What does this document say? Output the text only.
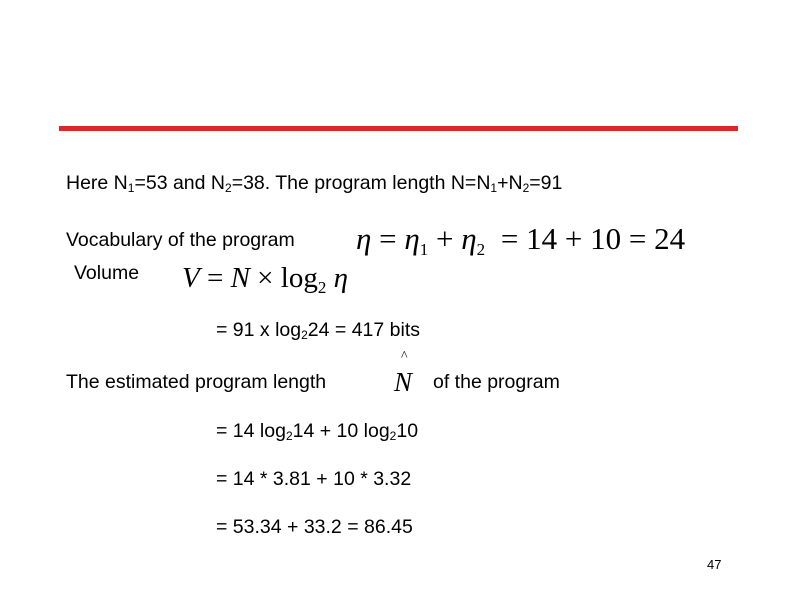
Here $N_1=53$ and $N_2=38$. The program length $N=N_1+N_2=91$
Vocabulary of the program η = η1 + η2 = 14 + 10 = 24
Volume $V = N \times \log_2 \eta$
= 91 x $\log_224 = 417$ bits
The estimated program length
^
N of the program
= 14 $\log_214 + 10$ $\log_210$
= 14 * 3.81 + 10 * 3.32
= 53.34 + 33.2 = 86.45
47
